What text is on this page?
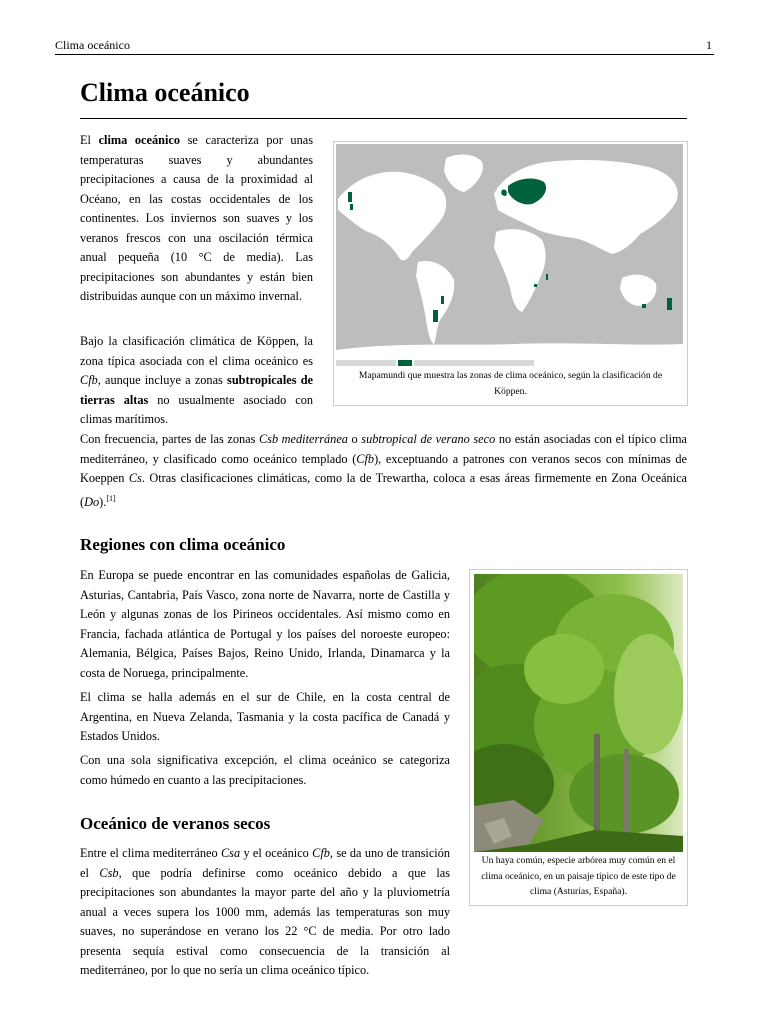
Clima oceánico	1
Clima oceánico

El clima oceánico se caracteriza por unas temperaturas suaves y abundantes precipitaciones a causa de la proximidad al Océano, en las costas occidentales de los continentes. Los inviernos son suaves y los veranos frescos con una oscilación térmica anual pequeña (10 °C de media). Las precipitaciones son abundantes y están bien distribuidas aunque con un máximo invernal.

Bajo la clasificación climática de Köppen, la zona típica asociada con el clima oceánico es Cfb, aunque incluye a zonas subtropicales de tierras altas no usualmente asociado con climas marítimos.

Con frecuencia, partes de las zonas Csb mediterránea o subtropical de verano seco no están asociadas con el típico clima mediterráneo, y clasificado como oceánico templado (Cfb), exceptuando a patrones con veranos secos con mínimas de Koeppen Cs. Otras clasificaciones climáticas, como la de Trewartha, coloca a esas áreas firmemente en Zona Oceánica (Do).[1]

Mapamundi que muestra las zonas de clima oceánico, según la clasificación de Köppen.
Regiones con clima oceánico

En Europa se puede encontrar en las comunidades españolas de Galicia, Asturias, Cantabria, País Vasco, zona norte de Navarra, norte de Castilla y León y algunas zonas de los Pirineos occidentales. Así mismo como en Francia, fachada atlántica de Portugal y los países del noroeste europeo: Alemania, Bélgica, Países Bajos, Reino Unido, Irlanda, Dinamarca y la costa de Noruega, principalmente.

El clima se halla además en el sur de Chile, en la costa central de Argentina, en Nueva Zelanda, Tasmania y la costa pacífica de Canadá y Estados Unidos.

Con una sola significativa excepción, el clima oceánico se categoriza como húmedo en cuanto a las precipitaciones.

Un haya común, especie arbórea muy común en el clima oceánico, en un paisaje típico de este tipo de clima (Asturias, España).
Oceánico de veranos secos

Entre el clima mediterráneo Csa y el oceánico Cfb, se da uno de transición el Csb, que podría definirse como oceánico debido a que las precipitaciones son abundantes la mayor parte del año y la pluviometría anual a veces supera los 1000 mm, además las temperaturas son muy suaves, no superándose en verano los 22 °C de media. Por otro lado presenta sequía estival como consecuencia de la transición al mediterráneo, por lo que no sería un clima oceánico típico.
